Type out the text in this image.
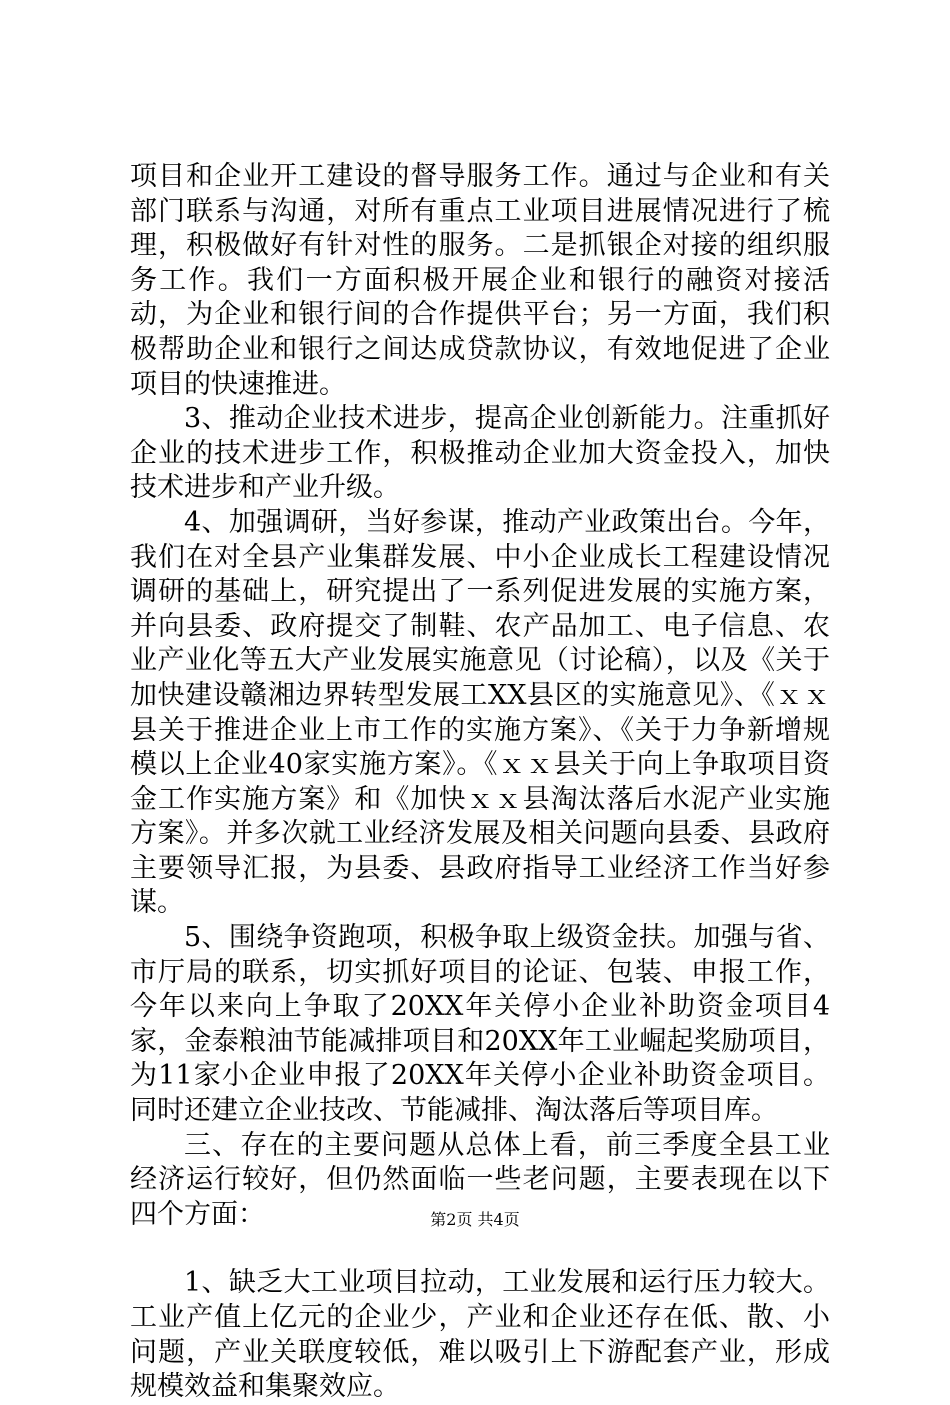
项目和企业开工建设的督导服务工作。通过与企业和有关部门联系与沟通，对所有重点工业项目进展情况进行了梳理，积极做好有针对性的服务。二是抓银企对接的组织服务工作。我们一方面积极开展企业和银行的融资对接活动，为企业和银行间的合作提供平台；另一方面，我们积极帮助企业和银行之间达成贷款协议，有效地促进了企业项目的快速推进。

3、推动企业技术进步，提高企业创新能力。注重抓好企业的技术进步工作，积极推动企业加大资金投入，加快技术进步和产业升级。

4、加强调研，当好参谋，推动产业政策出台。今年，我们在对全县产业集群发展、中小企业成长工程建设情况调研的基础上，研究提出了一系列促进发展的实施方案，并向县委、政府提交了制鞋、农产品加工、电子信息、农业产业化等五大产业发展实施意见（讨论稿），以及《关于加快建设赣湘边界转型发展工XX县区的实施意见》、《ｘｘ县关于推进企业上市工作的实施方案》、《关于力争新增规模以上企业40家实施方案》。《ｘｘ县关于向上争取项目资金工作实施方案》和《加快ｘｘ县淘汰落后水泥产业实施方案》。并多次就工业经济发展及相关问题向县委、县政府主要领导汇报，为县委、县政府指导工业经济工作当好参谋。

5、围绕争资跑项，积极争取上级资金扶。加强与省、市厅局的联系，切实抓好项目的论证、包装、申报工作，今年以来向上争取了20XX年关停小企业补助资金项目4家，金泰粮油节能减排项目和20XX年工业崛起奖励项目，为11家小企业申报了20XX年关停小企业补助资金项目。同时还建立企业技改、节能减排、淘汰落后等项目库。

三、存在的主要问题从总体上看，前三季度全县工业经济运行较好，但仍然面临一些老问题，主要表现在以下四个方面：

1、缺乏大工业项目拉动，工业发展和运行压力较大。工业产值上亿元的企业少，产业和企业还存在低、散、小问题，产业关联度较低，难以吸引上下游配套产业，形成规模效益和集聚效应。

第2页 共4页
